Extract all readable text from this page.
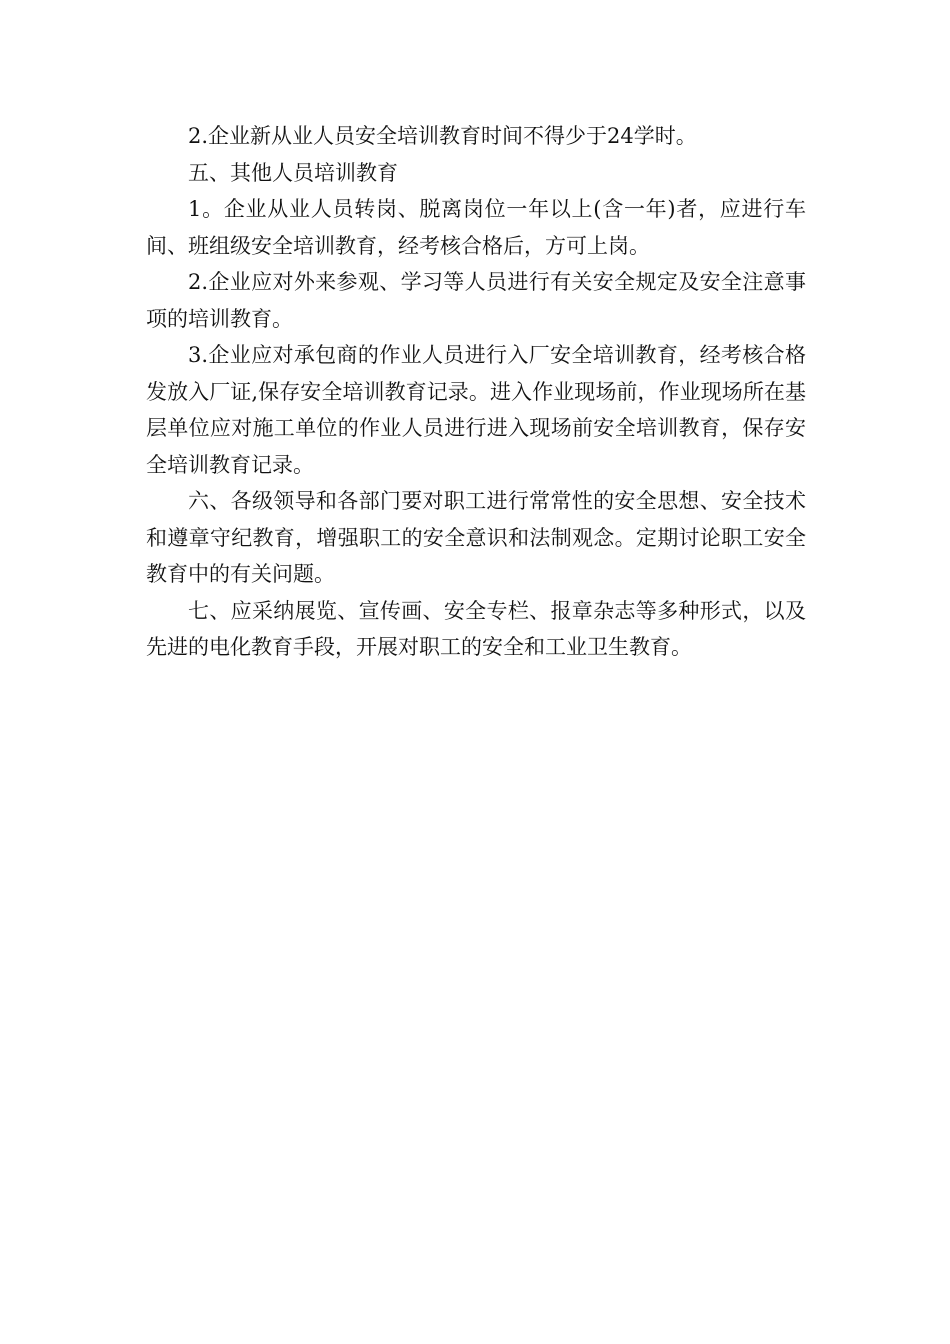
2.企业新从业人员安全培训教育时间不得少于24学时。

五、其他人员培训教育

1。企业从业人员转岗、脱离岗位一年以上(含一年)者，应进行车间、班组级安全培训教育，经考核合格后，方可上岗。

2.企业应对外来参观、学习等人员进行有关安全规定及安全注意事项的培训教育。

3.企业应对承包商的作业人员进行入厂安全培训教育，经考核合格发放入厂证,保存安全培训教育记录。进入作业现场前，作业现场所在基层单位应对施工单位的作业人员进行进入现场前安全培训教育，保存安全培训教育记录。

六、各级领导和各部门要对职工进行常常性的安全思想、安全技术和遵章守纪教育，增强职工的安全意识和法制观念。定期讨论职工安全教育中的有关问题。

七、应采纳展览、宣传画、安全专栏、报章杂志等多种形式，以及先进的电化教育手段，开展对职工的安全和工业卫生教育。
